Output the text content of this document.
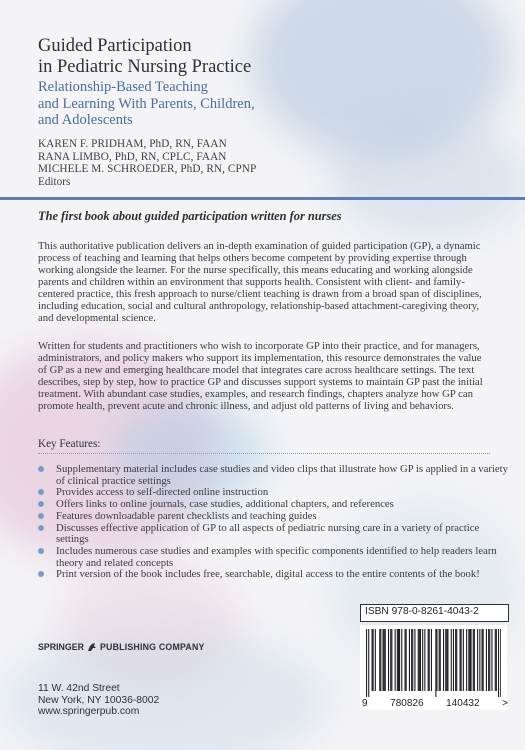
Guided Participation
in Pediatric Nursing Practice
Relationship-Based Teaching
and Learning With Parents, Children,
and Adolescents
KAREN F. PRIDHAM, PhD, RN, FAAN
RANA LIMBO, PhD, RN, CPLC, FAAN
MICHELE M. SCHROEDER, PhD, RN, CPNP
Editors
The first book about guided participation written for nurses
This authoritative publication delivers an in-depth examination of guided participation (GP), a dynamic process of teaching and learning that helps others become competent by providing expertise through working alongside the learner. For the nurse specifically, this means educating and working alongside parents and children within an environment that supports health. Consistent with client- and family-centered practice, this fresh approach to nurse/client teaching is drawn from a broad span of disciplines, including education, social and cultural anthropology, relationship-based attachment-caregiving theory, and developmental science.
Written for students and practitioners who wish to incorporate GP into their practice, and for managers, administrators, and policy makers who support its implementation, this resource demonstrates the value of GP as a new and emerging healthcare model that integrates care across healthcare settings. The text describes, step by step, how to practice GP and discusses support systems to maintain GP past the initial treatment. With abundant case studies, examples, and research findings, chapters analyze how GP can promote health, prevent acute and chronic illness, and adjust old patterns of living and behaviors.
Key Features:
Supplementary material includes case studies and video clips that illustrate how GP is applied in a variety of clinical practice settings
Provides access to self-directed online instruction
Offers links to online journals, case studies, additional chapters, and references
Features downloadable parent checklists and teaching guides
Discusses effective application of GP to all aspects of pediatric nursing care in a variety of practice settings
Includes numerous case studies and examples with specific components identified to help readers learn theory and related concepts
Print version of the book includes free, searchable, digital access to the entire contents of the book!
ISBN 978-0-8261-4043-2
9 780826 140432 >
SPRINGER PUBLISHING COMPANY
11 W. 42nd Street
New York, NY 10036-8002
www.springerpub.com
